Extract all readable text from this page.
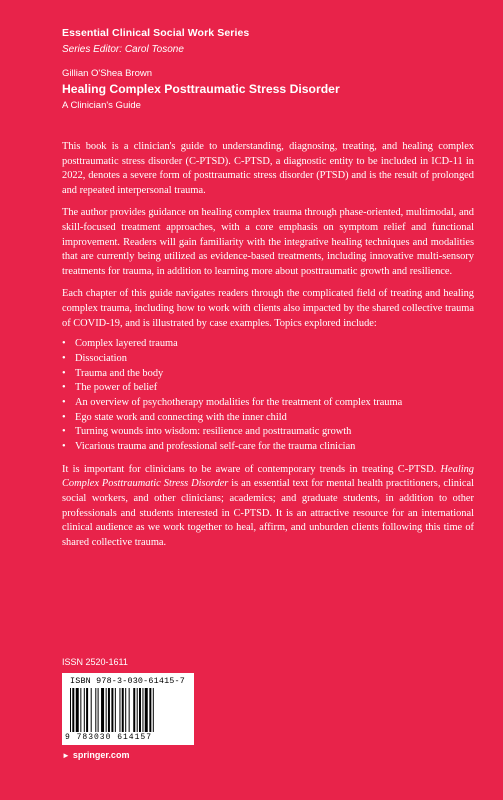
Essential Clinical Social Work Series
Series Editor: Carol Tosone
Gillian O'Shea Brown
Healing Complex Posttraumatic Stress Disorder
A Clinician's Guide

This book is a clinician's guide to understanding, diagnosing, treating, and healing complex posttraumatic stress disorder (C-PTSD). C-PTSD, a diagnostic entity to be included in ICD-11 in 2022, denotes a severe form of posttraumatic stress disorder (PTSD) and is the result of prolonged and repeated interpersonal trauma.

The author provides guidance on healing complex trauma through phase-oriented, multimodal, and skill-focused treatment approaches, with a core emphasis on symptom relief and functional improvement. Readers will gain familiarity with the integrative healing techniques and modalities that are currently being utilized as evidence-based treatments, including innovative multi-sensory treatments for trauma, in addition to learning more about posttraumatic growth and resilience.

Each chapter of this guide navigates readers through the complicated field of treating and healing complex trauma, including how to work with clients also impacted by the shared collective trauma of COVID-19, and is illustrated by case examples. Topics explored include:

• Complex layered trauma
• Dissociation
• Trauma and the body
• The power of belief
• An overview of psychotherapy modalities for the treatment of complex trauma
• Ego state work and connecting with the inner child
• Turning wounds into wisdom: resilience and posttraumatic growth
• Vicarious trauma and professional self-care for the trauma clinician

It is important for clinicians to be aware of contemporary trends in treating C-PTSD. Healing Complex Posttraumatic Stress Disorder is an essential text for mental health practitioners, clinical social workers, and other clinicians; academics; and graduate students, in addition to other professionals and students interested in C-PTSD. It is an attractive resource for an international clinical audience as we work together to heal, affirm, and unburden clients following this time of shared collective trauma.

ISSN 2520-1611
ISBN 978-3-030-61415-7
9 783030 614157
► springer.com
